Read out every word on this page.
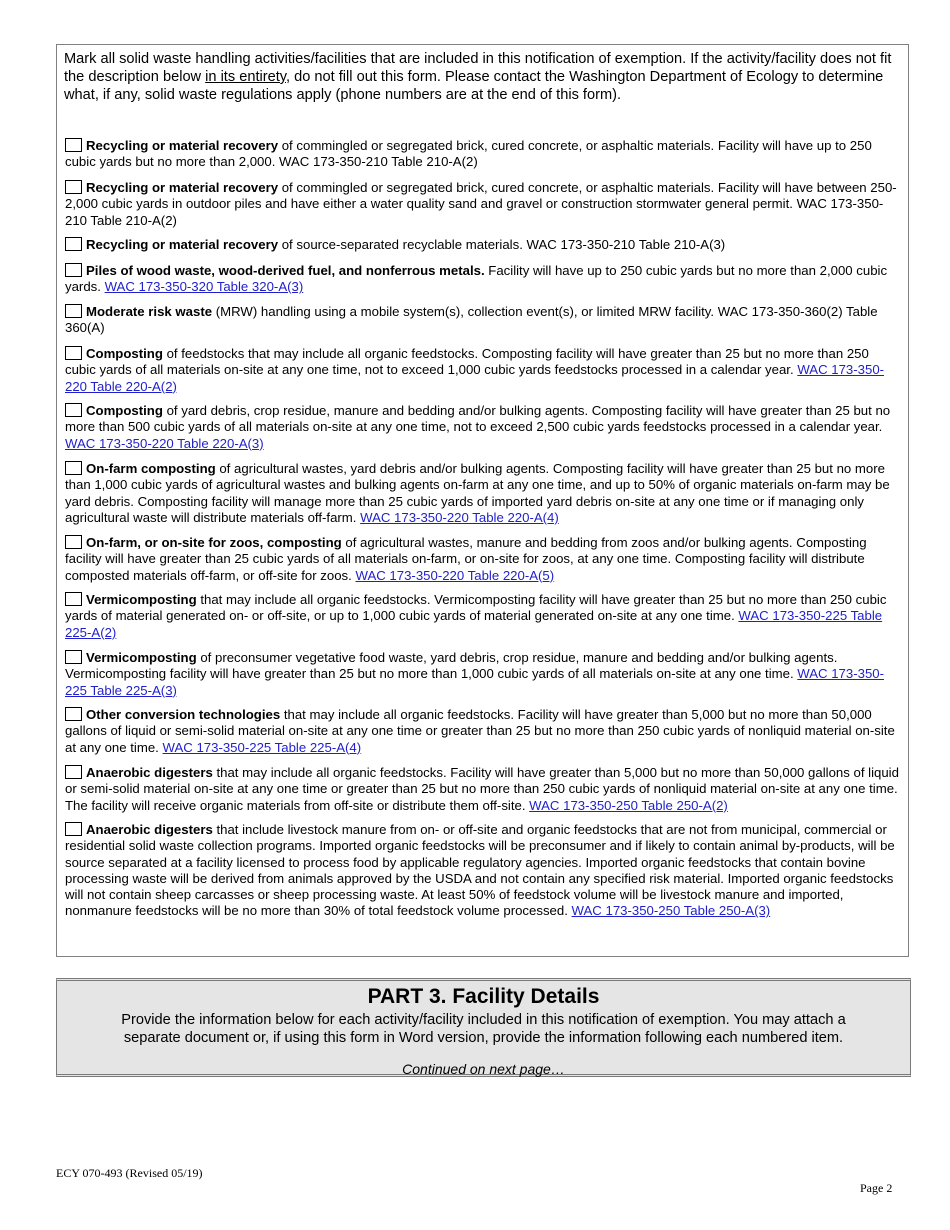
Mark all solid waste handling activities/facilities that are included in this notification of exemption. If the activity/facility does not fit the description below in its entirety, do not fill out this form. Please contact the Washington Department of Ecology to determine what, if any, solid waste regulations apply (phone numbers are at the end of this form).
Recycling or material recovery of commingled or segregated brick, cured concrete, or asphaltic materials. Facility will have up to 250 cubic yards but no more than 2,000. WAC 173-350-210 Table 210-A(2)
Recycling or material recovery of commingled or segregated brick, cured concrete, or asphaltic materials. Facility will have between 250-2,000 cubic yards in outdoor piles and have either a water quality sand and gravel or construction stormwater general permit. WAC 173-350-210 Table 210-A(2)
Recycling or material recovery of source-separated recyclable materials. WAC 173-350-210 Table 210-A(3)
Piles of wood waste, wood-derived fuel, and nonferrous metals. Facility will have up to 250 cubic yards but no more than 2,000 cubic yards. WAC 173-350-320 Table 320-A(3)
Moderate risk waste (MRW) handling using a mobile system(s), collection event(s), or limited MRW facility. WAC 173-350-360(2) Table 360(A)
Composting of feedstocks that may include all organic feedstocks. Composting facility will have greater than 25 but no more than 250 cubic yards of all materials on-site at any one time, not to exceed 1,000 cubic yards feedstocks processed in a calendar year. WAC 173-350-220 Table 220-A(2)
Composting of yard debris, crop residue, manure and bedding and/or bulking agents. Composting facility will have greater than 25 but no more than 500 cubic yards of all materials on-site at any one time, not to exceed 2,500 cubic yards feedstocks processed in a calendar year. WAC 173-350-220 Table 220-A(3)
On-farm composting of agricultural wastes, yard debris and/or bulking agents. Composting facility will have greater than 25 but no more than 1,000 cubic yards of agricultural wastes and bulking agents on-farm at any one time, and up to 50% of organic materials on-farm may be yard debris. Composting facility will manage more than 25 cubic yards of imported yard debris on-site at any one time or if managing only agricultural waste will distribute materials off-farm. WAC 173-350-220 Table 220-A(4)
On-farm, or on-site for zoos, composting of agricultural wastes, manure and bedding from zoos and/or bulking agents. Composting facility will have greater than 25 cubic yards of all materials on-farm, or on-site for zoos, at any one time. Composting facility will distribute composted materials off-farm, or off-site for zoos. WAC 173-350-220 Table 220-A(5)
Vermicomposting that may include all organic feedstocks. Vermicomposting facility will have greater than 25 but no more than 250 cubic yards of material generated on- or off-site, or up to 1,000 cubic yards of material generated on-site at any one time. WAC 173-350-225 Table 225-A(2)
Vermicomposting of preconsumer vegetative food waste, yard debris, crop residue, manure and bedding and/or bulking agents. Vermicomposting facility will have greater than 25 but no more than 1,000 cubic yards of all materials on-site at any one time. WAC 173-350-225 Table 225-A(3)
Other conversion technologies that may include all organic feedstocks. Facility will have greater than 5,000 but no more than 50,000 gallons of liquid or semi-solid material on-site at any one time or greater than 25 but no more than 250 cubic yards of nonliquid material on-site at any one time. WAC 173-350-225 Table 225-A(4)
Anaerobic digesters that may include all organic feedstocks. Facility will have greater than 5,000 but no more than 50,000 gallons of liquid or semi-solid material on-site at any one time or greater than 25 but no more than 250 cubic yards of nonliquid material on-site at any one time. The facility will receive organic materials from off-site or distribute them off-site. WAC 173-350-250 Table 250-A(2)
Anaerobic digesters that include livestock manure from on- or off-site and organic feedstocks that are not from municipal, commercial or residential solid waste collection programs. Imported organic feedstocks will be preconsumer and if likely to contain animal by-products, will be source separated at a facility licensed to process food by applicable regulatory agencies. Imported organic feedstocks that contain bovine processing waste will be derived from animals approved by the USDA and not contain any specified risk material. Imported organic feedstocks will not contain sheep carcasses or sheep processing waste. At least 50% of feedstock volume will be livestock manure and imported, nonmanure feedstocks will be no more than 30% of total feedstock volume processed. WAC 173-350-250 Table 250-A(3)
PART 3. Facility Details
Provide the information below for each activity/facility included in this notification of exemption. You may attach a separate document or, if using this form in Word version, provide the information following each numbered item.
Continued on next page…
ECY 070-493 (Revised 05/19)
Page 2
